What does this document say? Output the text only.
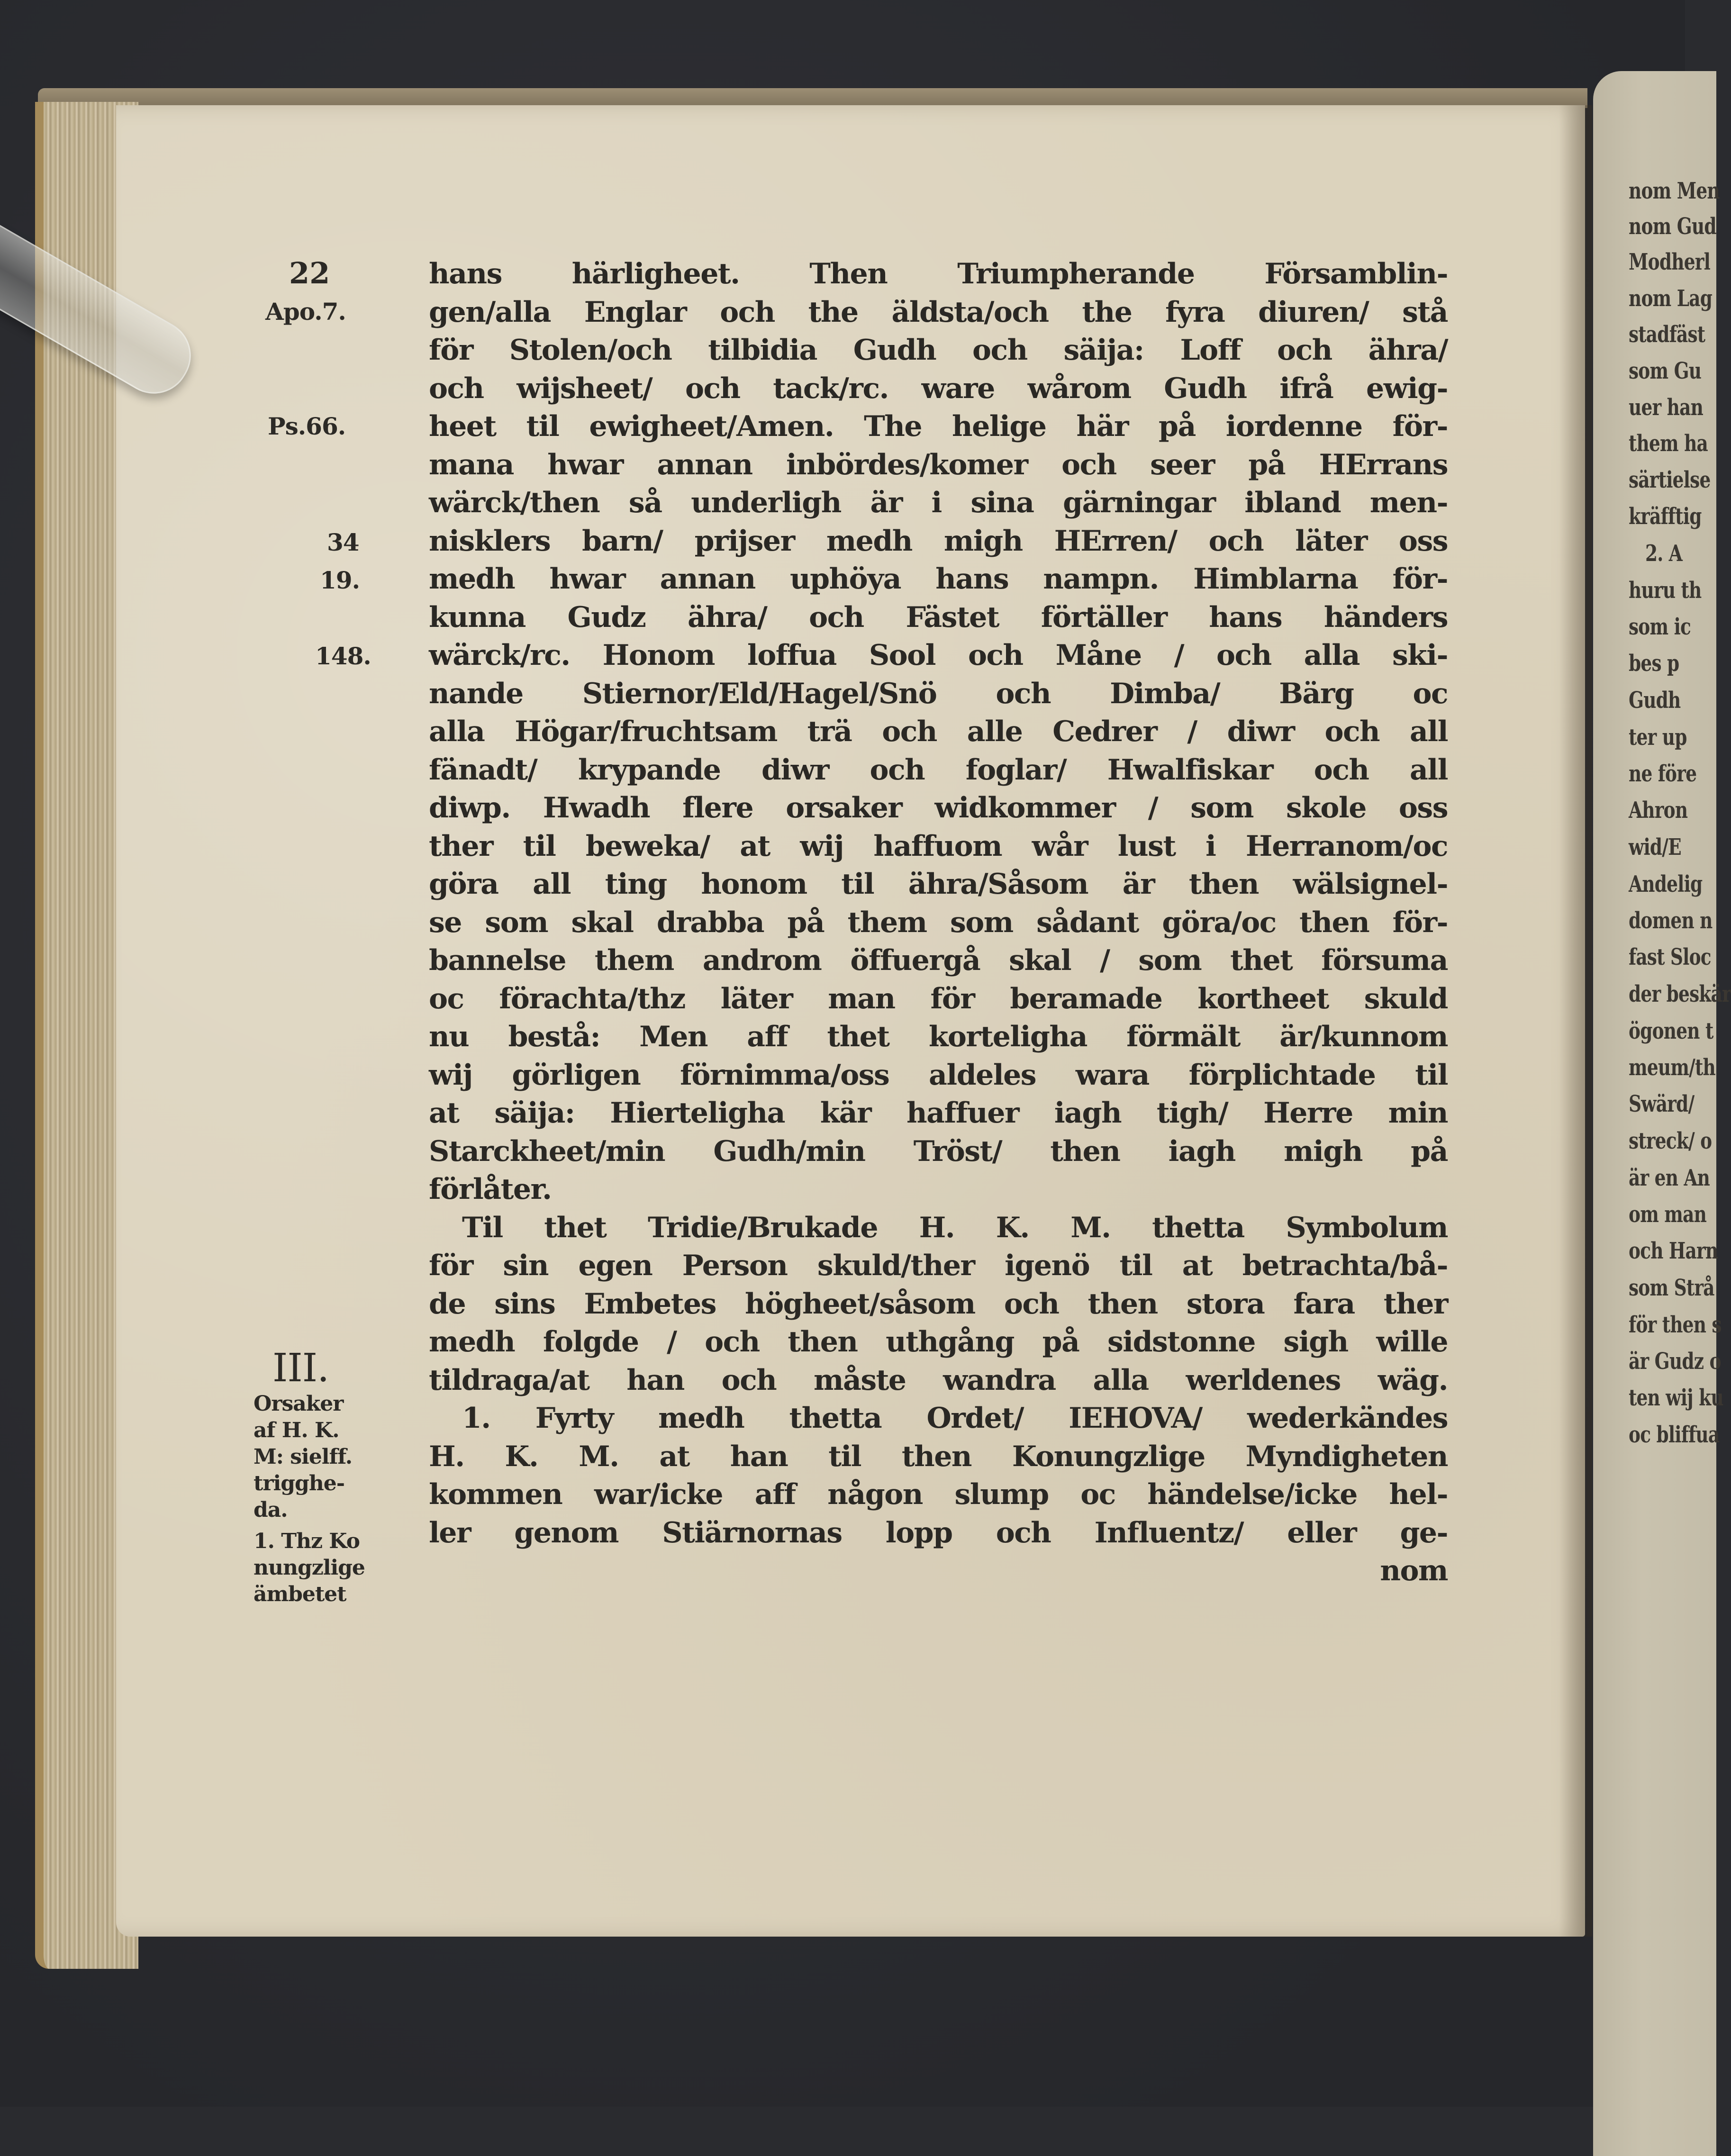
22
Apo.7.
Ps.66.
34
19.
148.
III.
Orsaker
af H. K.
M: sielff.
trigghe-
da.
1. Thz Ko
nungzlige
ämbetet
hans härligheet. Then Triumpherande Församblin-
gen/alla Englar och the äldsta/och the fyra diuren/ stå
för Stolen/och tilbidia Gudh och säija: Loff och ähra/
och wijsheet/ och tack/rc. ware wårom Gudh ifrå ewig-
heet til ewigheet/Amen. The helige här på iordenne för-
mana hwar annan inbördes/komer och seer på HErrans
wärck/then så underligh är i sina gärningar ibland men-
nisklers barn/ prijser medh migh HErren/ och läter oss
medh hwar annan uphöya hans nampn. Himblarna för-
kunna Gudz ähra/ och Fästet förtäller hans händers
wärck/rc. Honom loffua Sool och Måne / och alla ski-
nande Stiernor/Eld/Hagel/Snö och Dimba/ Bärg oc
alla Högar/fruchtsam trä och alle Cedrer / diwr och all
fänadt/ krypande diwr och foglar/ Hwalfiskar och all
diwp. Hwadh flere orsaker widkommer / som skole oss
ther til beweka/ at wij haffuom wår lust i Herranom/oc
göra all ting honom til ähra/Såsom är then wälsignel-
se som skal drabba på them som sådant göra/oc then för-
bannelse them androm öffuergå skal / som thet försuma
oc förachta/thz läter man för beramade kortheet skuld
nu bestå: Men aff thet korteligha förmält är/kunnom
wij görligen förnimma/oss aldeles wara förplichtade til
at säija: Hierteligha kär haffuer iagh tigh/ Herre min
Starckheet/min Gudh/min Tröst/ then iagh migh på
förlåter.
Til thet Tridie/Brukade H. K. M. thetta Symbolum
för sin egen Person skuld/ther igenö til at betrachta/bå-
de sins Embetes högheet/såsom och then stora fara ther
medh folgde / och then uthgång på sidstonne sigh wille
tildraga/at han och måste wandra alla werldenes wäg.
1. Fyrty medh thetta Ordet/ IEHOVA/ wederkändes
H. K. M. at han til then Konungzlige Myndigheten
kommen war/icke aff någon slump oc händelse/icke hel-
ler genom Stiärnornas lopp och Influentz/ eller ge-
nom
nom Men
nom Gud
Modherl
nom Lag
stadfäst
som Gu
uer han
them ha
särtielse
kräfftig
2. A
huru th
som ic
bes p
Gudh
ter up
ne före
Ahron
wid/E
Andelig
domen n
fast Sloc
der beskär
ögonen t
meum/th
Swärd/
streck/ o
är en An
om man
och Harn
som Strå
för then s
är Gudz o
ten wij ku
oc bliffua
